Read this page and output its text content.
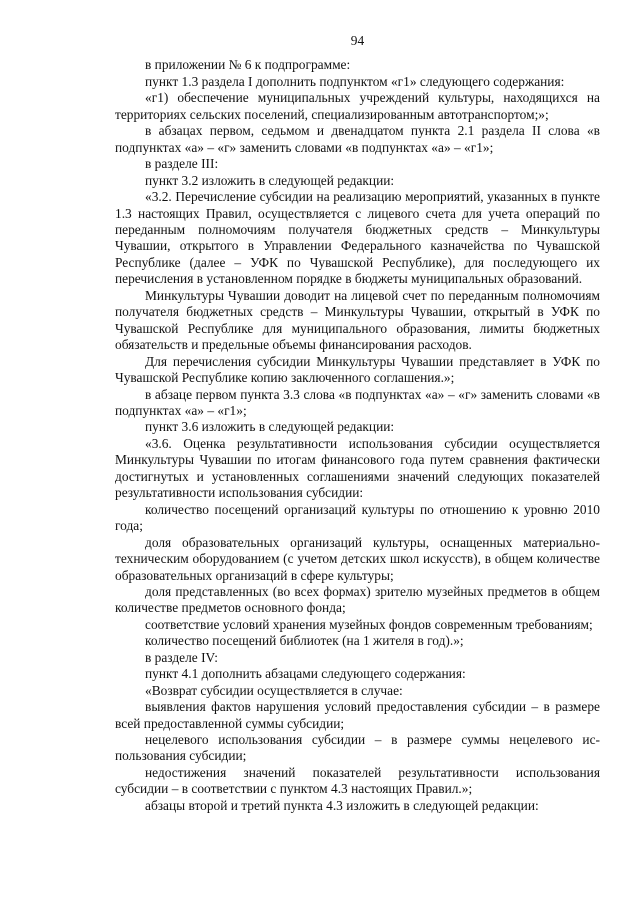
94

в приложении № 6 к подпрограмме:

пункт 1.3 раздела I дополнить подпунктом «г1» следующего содержания:

«г1) обеспечение муниципальных учреждений культуры, находящихся на территориях сельских поселений, специализированным автотранспортом;»;

в абзацах первом, седьмом и двенадцатом пункта 2.1 раздела II слова «в подпунктах «а» – «г» заменить словами «в подпунктах «а» – «г1»;

в разделе III:

пункт 3.2 изложить в следующей редакции:

«3.2. Перечисление субсидии на реализацию мероприятий, указанных в пункте 1.3 настоящих Правил, осуществляется с лицевого счета для учета операций по переданным полномочиям получателя бюджетных средств – Минкультуры Чувашии, открытого в Управлении Федерального казначейства по Чувашской Республике (далее – УФК по Чувашской Республике), для последующего их перечисления в установленном порядке в бюджеты муниципальных образований.

Минкультуры Чувашии доводит на лицевой счет по переданным полномочиям получателя бюджетных средств – Минкультуры Чувашии, открытый в УФК по Чувашской Республике для муниципального образования, лимиты бюджетных обязательств и предельные объемы финансирования расходов.

Для перечисления субсидии Минкультуры Чувашии представляет в УФК по Чувашской Республике копию заключенного соглашения.»;

в абзаце первом пункта 3.3 слова «в подпунктах «а» – «г» заменить словами «в подпунктах «а» – «г1»;

пункт 3.6 изложить в следующей редакции:

«3.6. Оценка результативности использования субсидии осуществляется Минкультуры Чувашии по итогам финансового года путем сравнения фактически достигнутых и установленных соглашениями значений следующих показателей результативности использования субсидии:

количество посещений организаций культуры по отношению к уровню 2010 года;

доля образовательных организаций культуры, оснащенных материально-техническим оборудованием (с учетом детских школ искусств), в общем количестве образовательных организаций в сфере культуры;

доля представленных (во всех формах) зрителю музейных предметов в общем количестве предметов основного фонда;

соответствие условий хранения музейных фондов современным требованиям;

количество посещений библиотек (на 1 жителя в год).»;

в разделе IV:

пункт 4.1 дополнить абзацами следующего содержания:

«Возврат субсидии осуществляется в случае:

выявления фактов нарушения условий предоставления субсидии – в размере всей предоставленной суммы субсидии;

нецелевого использования субсидии – в размере суммы нецелевого использования субсидии;

недостижения значений показателей результативности использования субсидии – в соответствии с пунктом 4.3 настоящих Правил.»;

абзацы второй и третий пункта 4.3 изложить в следующей редакции:
